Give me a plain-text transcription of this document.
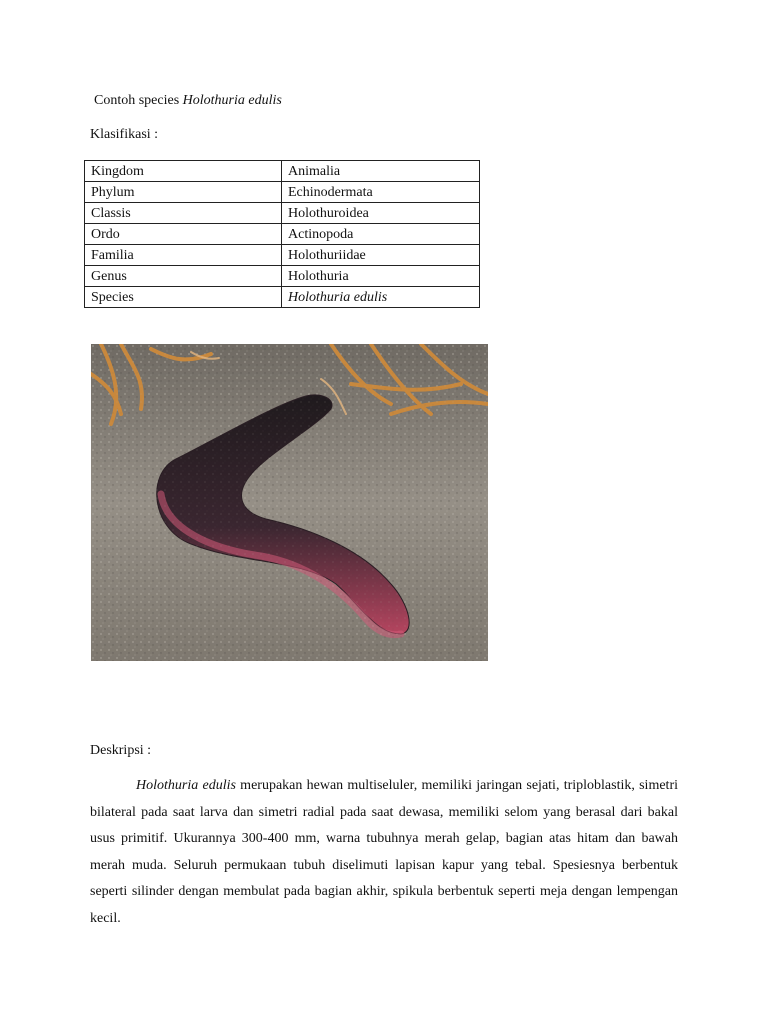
Contoh species Holothuria edulis
Klasifikasi :
Kingdom	Animalia
Phylum	Echinodermata
Classis	Holothuroidea
Ordo	Actinopoda
Familia	Holothuriidae
Genus	Holothuria
Species	Holothuria edulis
Deskripsi :
Holothuria edulis merupakan hewan multiseluler, memiliki jaringan sejati, triploblastik, simetri bilateral pada saat larva dan simetri radial pada saat dewasa, memiliki selom yang berasal dari bakal usus primitif. Ukurannya 300-400 mm, warna tubuhnya merah gelap, bagian atas hitam dan bawah merah muda. Seluruh permukaan tubuh diselimuti lapisan kapur yang tebal. Spesiesnya berbentuk seperti silinder dengan membulat pada bagian akhir, spikula berbentuk seperti meja dengan lempengan kecil.
